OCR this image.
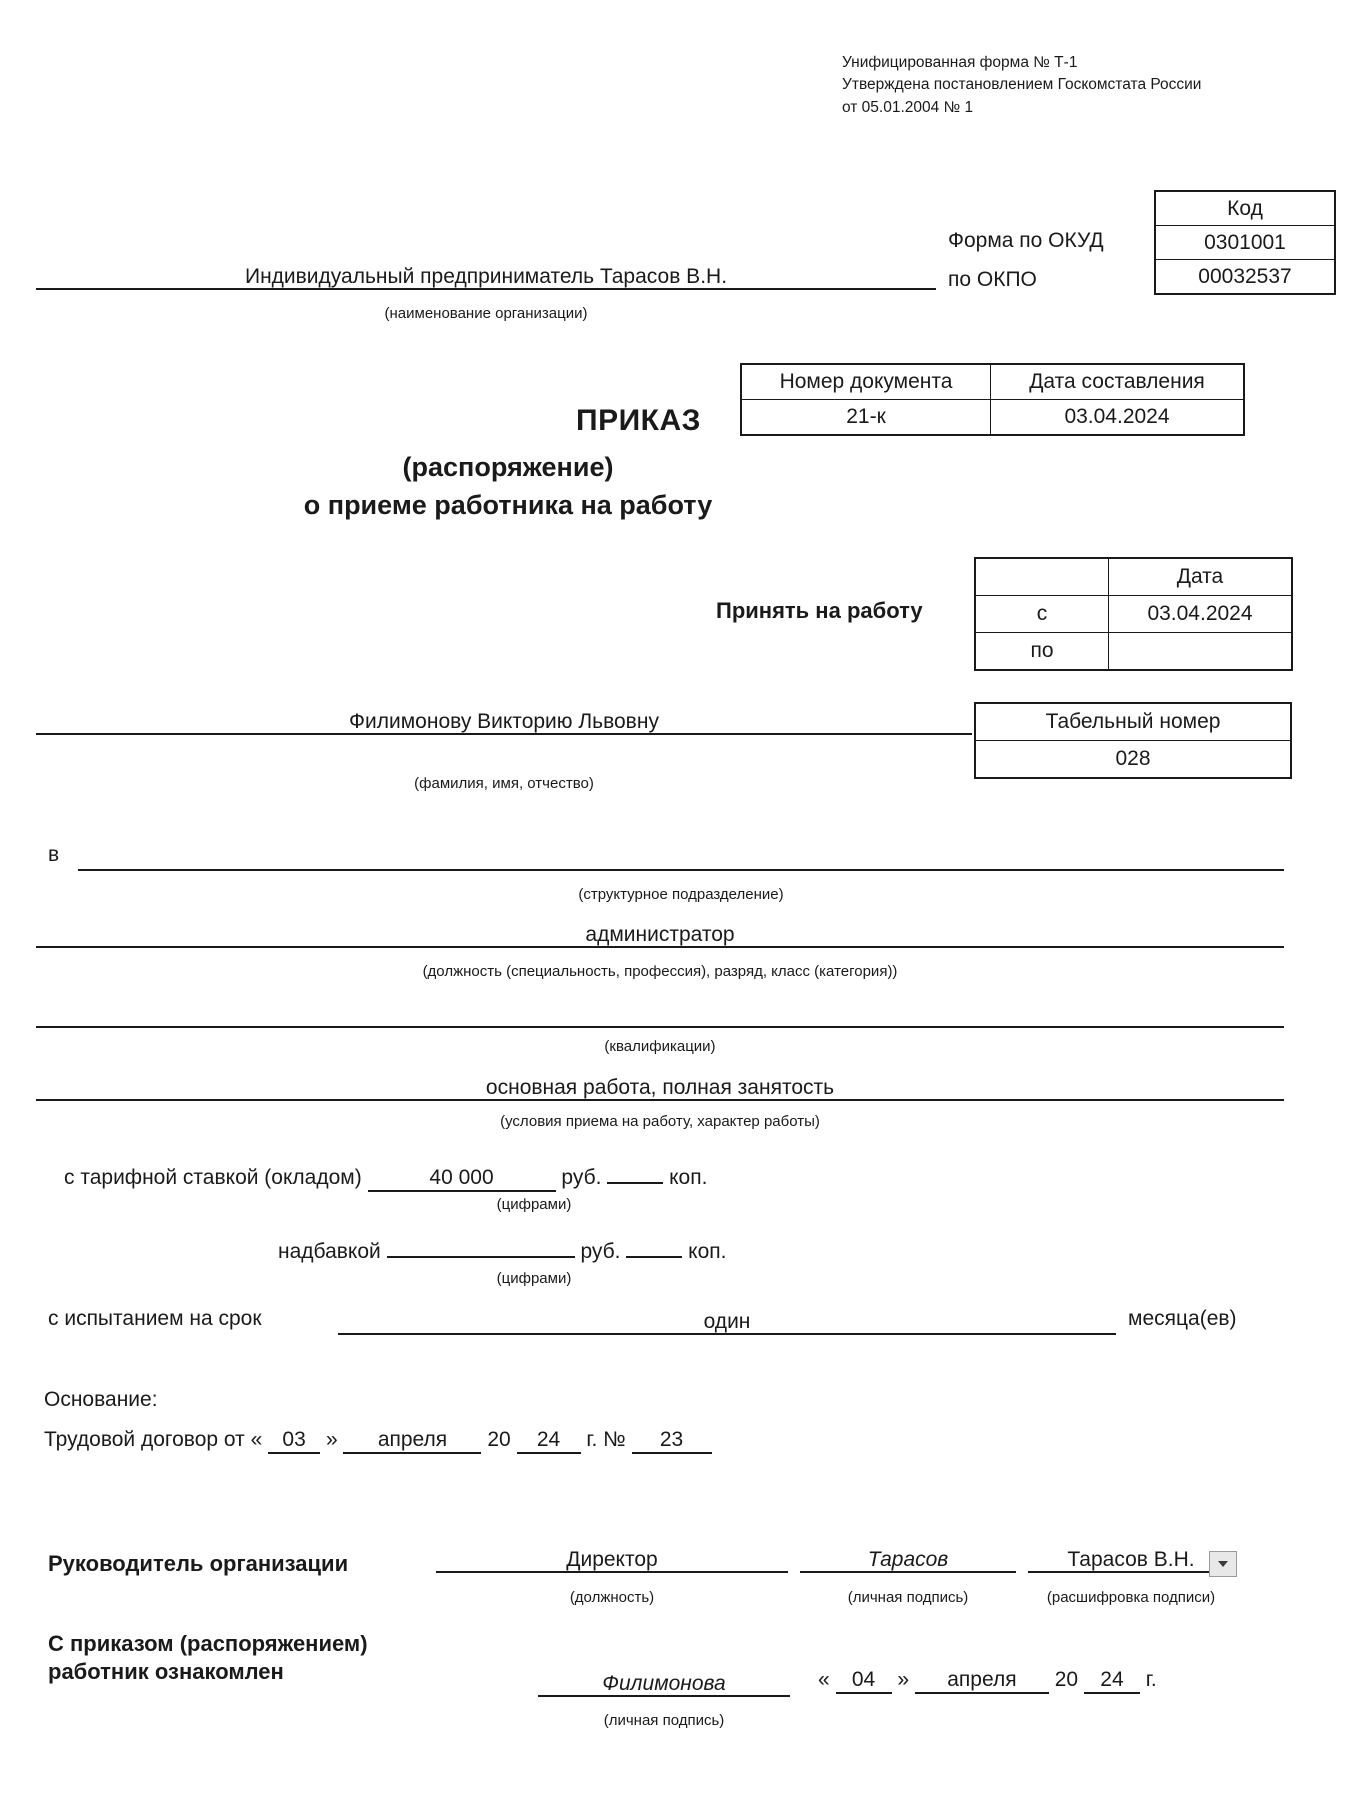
Унифицированная форма № Т-1
Утверждена постановлением Госкомстата России
от 05.01.2004 № 1
Код
0301001
00032537
Форма по ОКУД
по ОКПО
Индивидуальный предприниматель Тарасов В.Н.
(наименование организации)
Номер документа	Дата составления
21-к	03.04.2024
ПРИКАЗ
(распоряжение)
о приеме работника на работу
Принять на работу
	Дата
с	03.04.2024
по	
Табельный номер
028
Филимонову Викторию Львовну
(фамилия, имя, отчество)
в
(структурное подразделение)
администратор
(должность (специальность, профессия), разряд, класс (категория))
(квалификации)
основная работа, полная занятость
(условия приема на работу, характер работы)
с тарифной ставкой (окладом)	40 000	руб.	коп.
(цифрами)
надбавкой	руб.	коп.
(цифрами)
с испытанием на срок	один	месяца(ев)
Основание:
Трудовой договор от « 03 » апреля 20 24 г. № 23
Руководитель организации	Директор	Тарасов	Тарасов В.Н.
(должность)	(личная подпись)	(расшифровка подписи)
С приказом (распоряжением)
работник ознакомлен	Филимонова
(личная подпись)
« 04 » апреля 20 24 г.
